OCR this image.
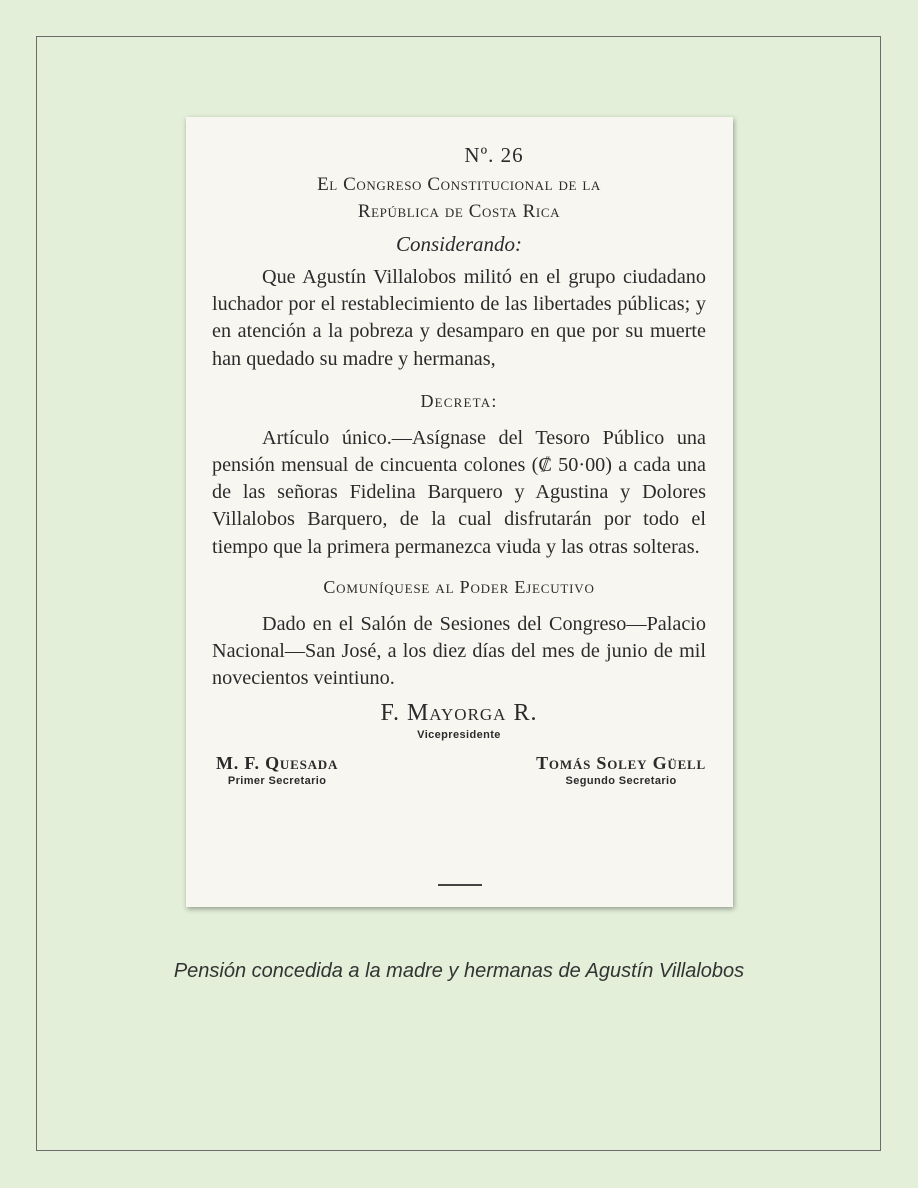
Nº. 26
El Congreso Constitucional de la
República de Costa Rica
Considerando:

Que Agustín Villalobos militó en el grupo ciudadano luchador por el restablecimiento de las libertades públicas; y en atención a la pobreza y desamparo en que por su muerte han quedado su madre y hermanas,

Decreta:

Artículo único.—Asígnase del Tesoro Público una pensión mensual de cincuenta colones (₡ 50·00) a cada una de las señoras Fidelina Barquero y Agustina y Dolores Villalobos Barquero, de la cual disfrutarán por todo el tiempo que la primera permanezca viuda y las otras solteras.

Comuníquese al Poder Ejecutivo

Dado en el Salón de Sesiones del Congreso—Palacio Nacional—San José, a los diez días del mes de junio de mil novecientos veintiuno.

F. Mayorga R.
Vicepresidente
M. F. Quesada
Primer Secretario
Tomás Soley Güell
Segundo Secretario
Pensión concedida a la madre y hermanas de Agustín Villalobos
